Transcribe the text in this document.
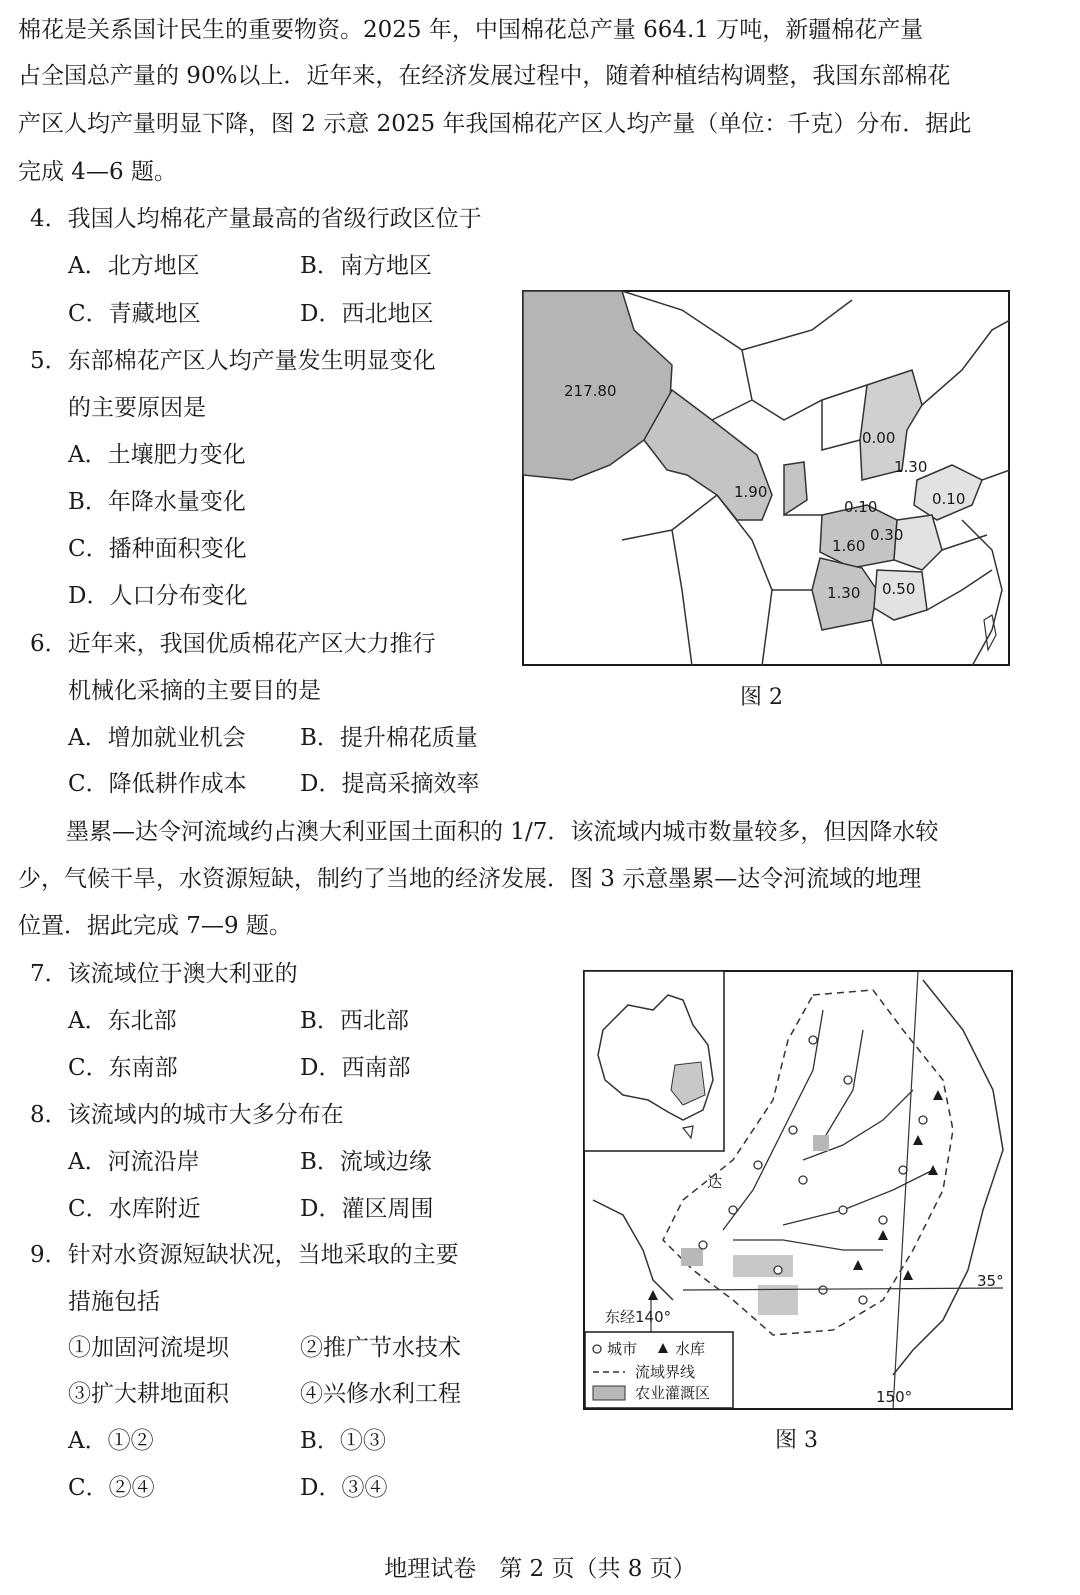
棉花是关系国计民生的重要物资。2025 年，中国棉花总产量 664.1 万吨，新疆棉花产量
占全国总产量的 90%以上．近年来，在经济发展过程中，随着种植结构调整，我国东部棉花
产区人均产量明显下降，图 2 示意 2025 年我国棉花产区人均产量（单位：千克）分布．据此
完成 4—6 题。
4．我国人均棉花产量最高的省级行政区位于
A．北方地区	B．南方地区
C．青藏地区	D．西北地区
5．东部棉花产区人均产量发生明显变化
的主要原因是
A．土壤肥力变化
B．年降水量变化
C．播种面积变化
D．人口分布变化
6．近年来，我国优质棉花产区大力推行
机械化采摘的主要目的是
A．增加就业机会 B．提升棉花质量
C．降低耕作成本 D．提高采摘效率
217.80
1.90
0.00
1.30
0.10	0.10
0.30
1.60
1.30 0.50
图 2
墨累—达令河流域约占澳大利亚国土面积的 1/7．该流域内城市数量较多，但因降水较
少，气候干旱，水资源短缺，制约了当地的经济发展．图 3 示意墨累—达令河流域的地理
位置．据此完成 7—9 题。
7．该流域位于澳大利亚的
A．东北部	B．西北部
C．东南部	D．西南部
8．该流域内的城市大多分布在
A．河流沿岸	B．流域边缘
C．水库附近	D．灌区周围
9．针对水资源短缺状况，当地采取的主要
措施包括
①加固河流堤坝	②推广节水技术
③扩大耕地面积	④兴修水利工程
A．①②	B．①③
C．②④	D．③④
东经140°
150°
35°
达
城市	水库
流域界线
农业灌溉区
图 3
地理试卷　第 2 页（共 8 页）
